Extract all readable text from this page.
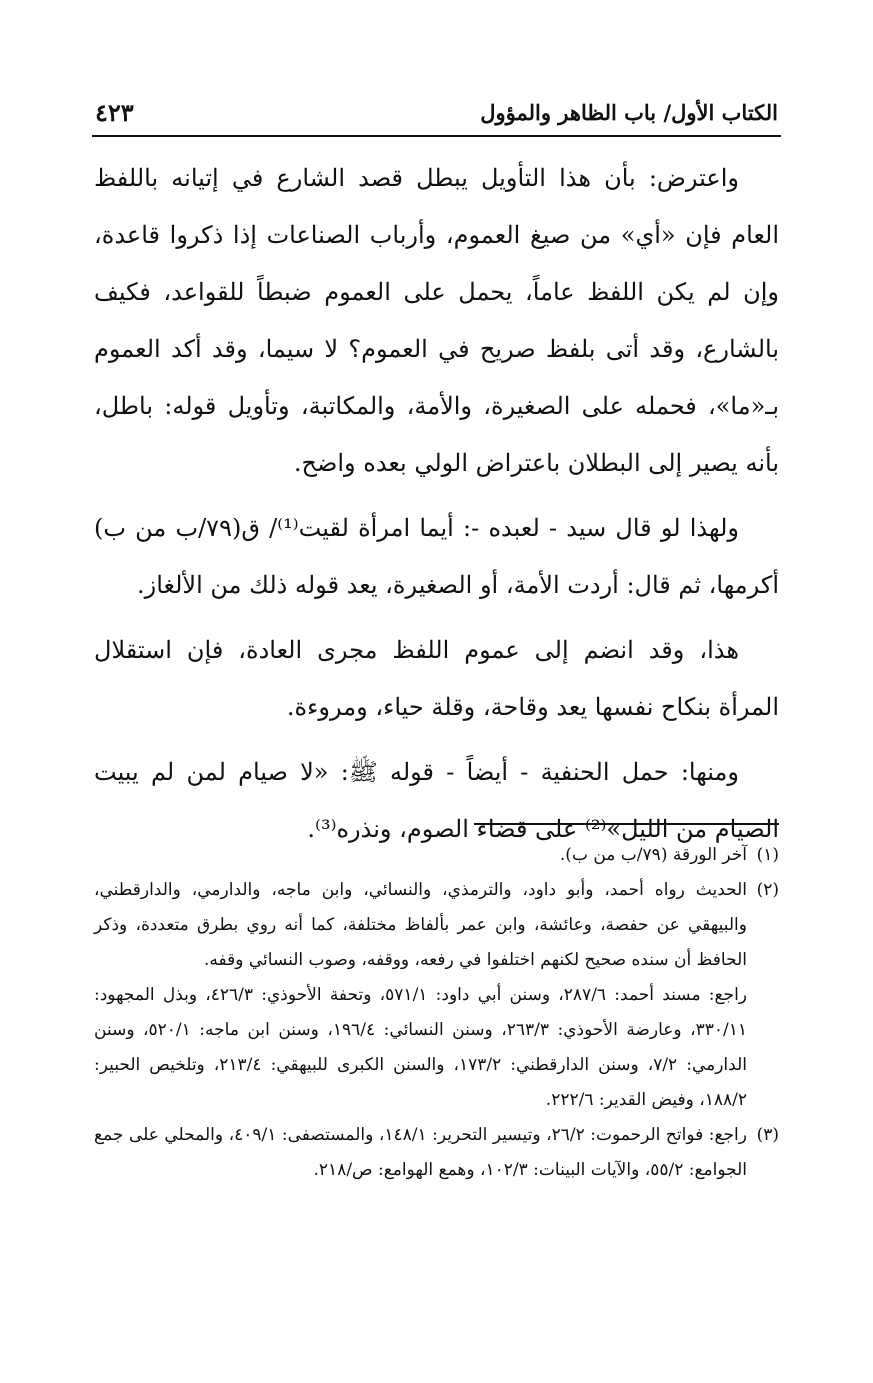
الكتاب الأول/ باب الظاهر والمؤول
٤٢٣

واعترض: بأن هذا التأويل يبطل قصد الشارع في إتيانه باللفظ العام فإن «أي» من صيغ العموم، وأرباب الصناعات إذا ذكروا قاعدة، وإن لم يكن اللفظ عاماً، يحمل على العموم ضبطاً للقواعد، فكيف بالشارع، وقد أتى بلفظ صريح في العموم؟ لا سيما، وقد أكد العموم بـ«ما»، فحمله على الصغيرة، والأمة، والمكاتبة، وتأويل قوله: باطل، بأنه يصير إلى البطلان باعتراض الولي بعده واضح.

ولهذا لو قال سيد - لعبده -: أيما امرأة لقيت⁽¹⁾/ ق(٧٩/ب من ب) أكرمها، ثم قال: أردت الأمة، أو الصغيرة، يعد قوله ذلك من الألغاز.

هذا، وقد انضم إلى عموم اللفظ مجرى العادة، فإن استقلال المرأة بنكاح نفسها يعد وقاحة، وقلة حياء، ومروءة.

ومنها: حمل الحنفية - أيضاً - قوله ﷺ: «لا صيام لمن لم يبيت الصيام من الليل»⁽²⁾ على قضاء الصوم، ونذره⁽³⁾.

(١)
آخر الورقة (٧٩/ب من ب).
(٢)
الحديث رواه أحمد، وأبو داود، والترمذي، والنسائي، وابن ماجه، والدارمي، والدارقطني، والبيهقي عن حفصة، وعائشة، وابن عمر بألفاظ مختلفة، كما أنه روي بطرق متعددة، وذكر الحافظ أن سنده صحيح لكنهم اختلفوا في رفعه، ووقفه، وصوب النسائي وقفه.
راجع: مسند أحمد: ٢٨٧/٦، وسنن أبي داود: ٥٧١/١، وتحفة الأحوذي: ٤٢٦/٣، وبذل المجهود: ٣٣٠/١١، وعارضة الأحوذي: ٢٦٣/٣، وسنن النسائي: ١٩٦/٤، وسنن ابن ماجه: ٥٢٠/١، وسنن الدارمي: ٧/٢، وسنن الدارقطني: ١٧٣/٢، والسنن الكبرى للبيهقي: ٢١٣/٤، وتلخيص الحبير: ١٨٨/٢، وفيض القدير: ٢٢٢/٦.
(٣)
راجع: فواتح الرحموت: ٢٦/٢، وتيسير التحرير: ١٤٨/١، والمستصفى: ٤٠٩/١، والمحلي على جمع الجوامع: ٥٥/٢، والآيات البينات: ١٠٢/٣، وهمع الهوامع: ص/٢١٨.
